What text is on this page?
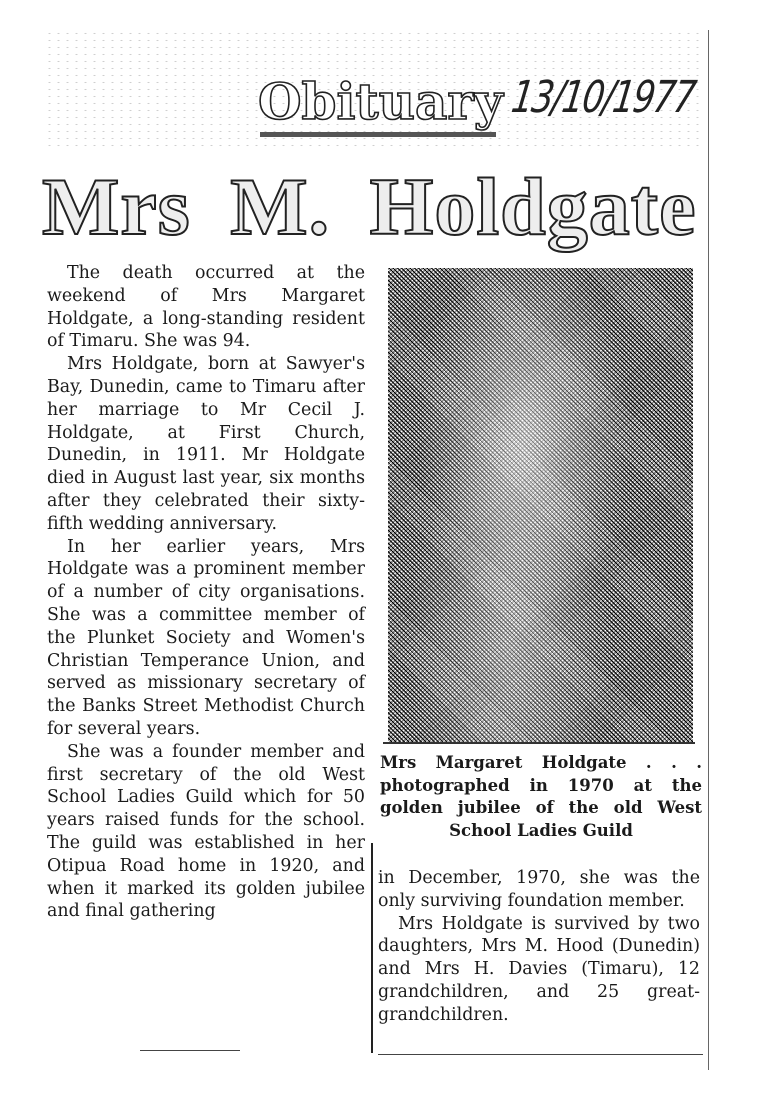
Obituary 13/10/1977
Mrs M. Holdgate

The death occurred at the weekend of Mrs Margaret Holdgate, a long-standing resident of Timaru. She was 94.

Mrs Holdgate, born at Sawyer's Bay, Dunedin, came to Timaru after her marriage to Mr Cecil J. Holdgate, at First Church, Dunedin, in 1911. Mr Holdgate died in August last year, six months after they celebrated their sixty-fifth wedding anniversary.

In her earlier years, Mrs Holdgate was a prominent member of a number of city organisations. She was a committee member of the Plunket Society and Women's Christian Temperance Union, and served as missionary secretary of the Banks Street Methodist Church for several years.

She was a founder member and first secretary of the old West School Ladies Guild which for 50 years raised funds for the school. The guild was established in her Otipua Road home in 1920, and when it marked its golden jubilee and final gathering

Mrs Margaret Holdgate . . . photographed in 1970 at the golden jubilee of the old West School Ladies Guild

in December, 1970, she was the only surviving foundation member.

Mrs Holdgate is survived by two daughters, Mrs M. Hood (Dunedin) and Mrs H. Davies (Timaru), 12 grandchildren, and 25 great-grandchildren.
